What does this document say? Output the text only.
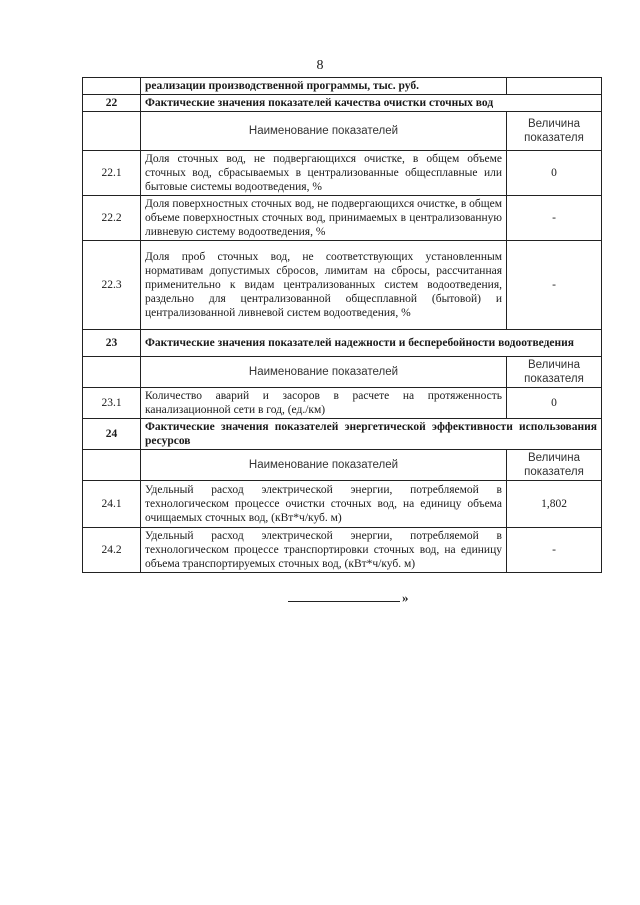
8
	реализации производственной программы, тыс. руб.	
22	Фактические значения показателей качества очистки сточных вод	
	Наименование показателей	Величина показателя
22.1	Доля сточных вод, не подвергающихся очистке, в общем объеме сточных вод, сбрасываемых в централизованные общесплавные или бытовые системы водоотведения, %	0
22.2	Доля поверхностных сточных вод, не подвергающихся очистке, в общем объеме поверхностных сточных вод, принимаемых в централизованную ливневую систему водоотведения, %	-
22.3	Доля проб сточных вод, не соответствующих установленным нормативам допустимых сбросов, лимитам на сбросы, рассчитанная применительно к видам централизованных систем водоотведения, раздельно для централизованной общесплавной (бытовой) и централизованной ливневой систем водоотведения, %	-
23	Фактические значения показателей надежности и бесперебойности водоотведения	
	Наименование показателей	Величина показателя
23.1	Количество аварий и засоров в расчете на протяженность канализационной сети в год, (ед./км)	0
24	Фактические значения показателей энергетической эффективности использования ресурсов	
	Наименование показателей	Величина показателя
24.1	Удельный расход электрической энергии, потребляемой в технологическом процессе очистки сточных вод, на единицу объема очищаемых сточных вод, (кВт*ч/куб. м)	1,802
24.2	Удельный расход электрической энергии, потребляемой в технологическом процессе транспортировки сточных вод, на единицу объема транспортируемых сточных вод, (кВт*ч/куб. м)	-
»
